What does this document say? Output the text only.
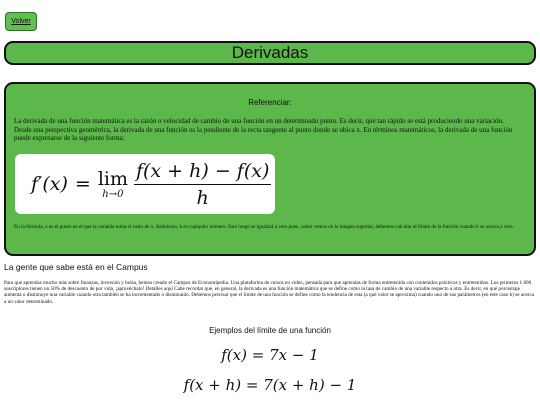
Volver
Derivadas
Referenciar:

La derivada de una función matemática es la razón o velocidad de cambio de una función en un determinado punto. Es decir, qué tan rápido se está produciendo una variación. Desde una perspectiva geométrica, la derivada de una función es la pendiente de la recta tangente al punto donde se ubica x. En términos matemáticos, la derivada de una función puede expresarse de la siguiente forma:

f′(x) = lim
$h\to 0 \frac{f(x + h) - f(x)}{h}$

En la fórmula, x es el punto en el que la variable toma el valor de x. Asimismo, h es cualquier número. Este luego se igualará a cero pues, como vemos en la imagen superior, debemos calcular el límite de la función cuando h se acerca a cero.

La gente que sabe está en el Campus

Para que aprendas mucho más sobre finanzas, inversión y bolsa, hemos creado el Campus de Economipedia. Una plataforma de cursos en vídeo, pensada para que aprendas de forma entretenida con contenidos prácticos y entretenidos. Los primeros 1.000 suscriptores tienen un 50% de descuento de por vida, ¡aprovéchalo! Detalles aquí Cabe recordar que, en general, la derivada es una función matemática que se define como la tasa de cambio de una variable respecto a otra. Es decir, en qué porcentaje aumenta o disminuye una variable cuando otra también se ha incrementado o disminuido. Debemos precisar que el límite de una función se define como la tendencia de esta (a qué valor se aproxima) cuando uno de sus parámetros (en este caso h) se acerca a un valor determinado.

Ejemplos del límite de una función

f(x) = 7x − 1
f(x + h) = 7(x + h) − 1
